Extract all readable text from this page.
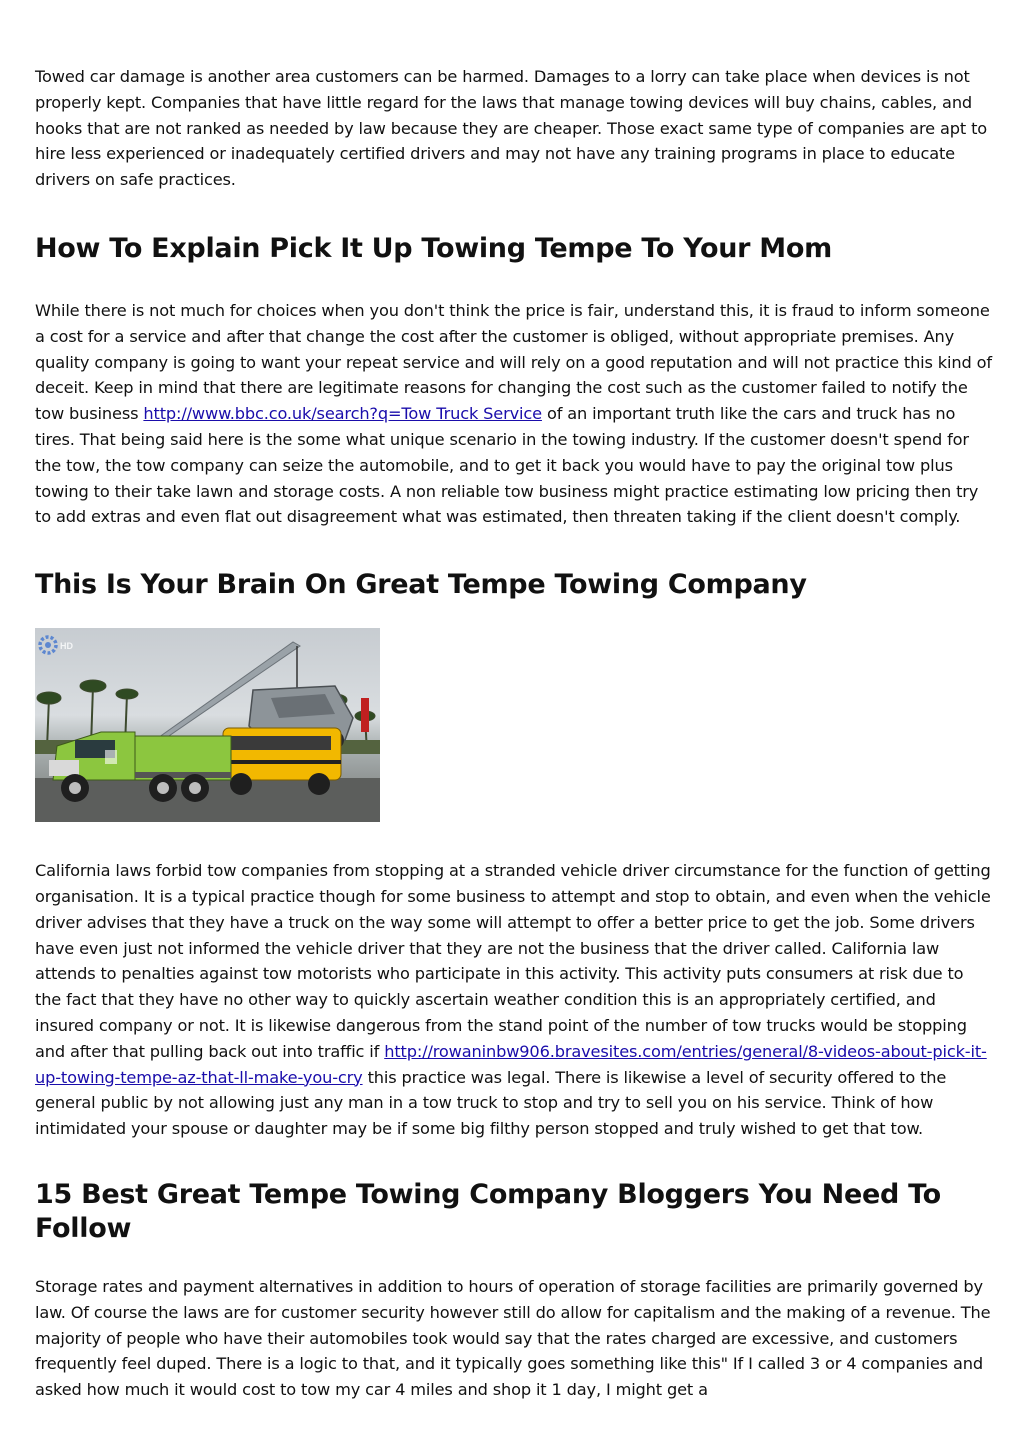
Towed car damage is another area customers can be harmed. Damages to a lorry can take place when devices is not properly kept. Companies that have little regard for the laws that manage towing devices will buy chains, cables, and hooks that are not ranked as needed by law because they are cheaper. Those exact same type of companies are apt to hire less experienced or inadequately certified drivers and may not have any training programs in place to educate drivers on safe practices.

How To Explain Pick It Up Towing Tempe To Your Mom

While there is not much for choices when you don't think the price is fair, understand this, it is fraud to inform someone a cost for a service and after that change the cost after the customer is obliged, without appropriate premises. Any quality company is going to want your repeat service and will rely on a good reputation and will not practice this kind of deceit. Keep in mind that there are legitimate reasons for changing the cost such as the customer failed to notify the tow business http://www.bbc.co.uk/search?q=Tow Truck Service of an important truth like the cars and truck has no tires. That being said here is the some what unique scenario in the towing industry. If the customer doesn't spend for the tow, the tow company can seize the automobile, and to get it back you would have to pay the original tow plus towing to their take lawn and storage costs. A non reliable tow business might practice estimating low pricing then try to add extras and even flat out disagreement what was estimated, then threaten taking if the client doesn't comply.

This Is Your Brain On Great Tempe Towing Company
HD

California laws forbid tow companies from stopping at a stranded vehicle driver circumstance for the function of getting organisation. It is a typical practice though for some business to attempt and stop to obtain, and even when the vehicle driver advises that they have a truck on the way some will attempt to offer a better price to get the job. Some drivers have even just not informed the vehicle driver that they are not the business that the driver called. California law attends to penalties against tow motorists who participate in this activity. This activity puts consumers at risk due to the fact that they have no other way to quickly ascertain weather condition this is an appropriately certified, and insured company or not. It is likewise dangerous from the stand point of the number of tow trucks would be stopping and after that pulling back out into traffic if http://rowaninbw906.bravesites.com/entries/general/8-videos-about-pick-it-up-towing-tempe-az-that-ll-make-you-cry this practice was legal. There is likewise a level of security offered to the general public by not allowing just any man in a tow truck to stop and try to sell you on his service. Think of how intimidated your spouse or daughter may be if some big filthy person stopped and truly wished to get that tow.

15 Best Great Tempe Towing Company Bloggers You Need To Follow

Storage rates and payment alternatives in addition to hours of operation of storage facilities are primarily governed by law. Of course the laws are for customer security however still do allow for capitalism and the making of a revenue. The majority of people who have their automobiles took would say that the rates charged are excessive, and customers frequently feel duped. There is a logic to that, and it typically goes something like this" If I called 3 or 4 companies and asked how much it would cost to tow my car 4 miles and shop it 1 day, I might get a
